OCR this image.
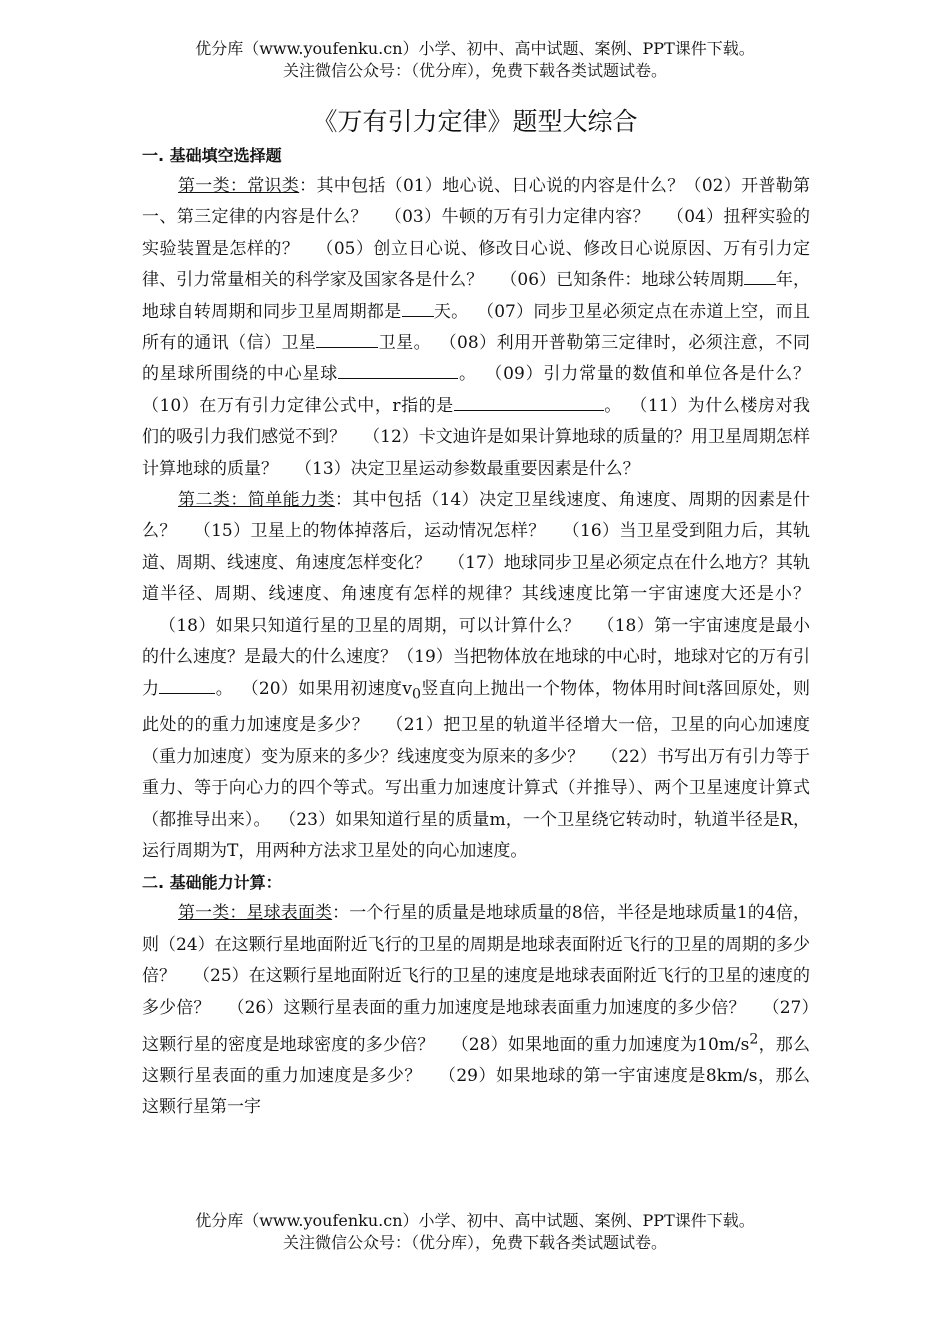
优分库（www.youfenku.cn）小学、初中、高中试题、案例、PPT课件下载。
关注微信公众号：（优分库），免费下载各类试题试卷。
《万有引力定律》题型大综合
一. 基础填空选择题

第一类：常识类：其中包括（01）地心说、日心说的内容是什么？（02）开普勒第一、第三定律的内容是什么？ （03）牛顿的万有引力定律内容？ （04）扭秤实验的实验装置是怎样的？ （05）创立日心说、修改日心说、修改日心说原因、万有引力定律、引力常量相关的科学家及国家各是什么？ （06）已知条件：地球公转周期 年，地球自转周期和同步卫星周期都是 天。 （07）同步卫星必须定点在赤道上空，而且所有的通讯（信）卫星	卫星。 （08）利用开普勒第三定律时，必须注意，不同的星球所围绕的中心星球	。 （09）引力常量的数值和单位各是什么？（10）在万有引力定律公式中，r指的是	。 （11）为什么楼房对我们的吸引力我们感觉不到？ （12）卡文迪许是如果计算地球的质量的？用卫星周期怎样计算地球的质量？ （13）决定卫星运动参数最重要因素是什么？

第二类：简单能力类：其中包括（14）决定卫星线速度、角速度、周期的因素是什么？ （15）卫星上的物体掉落后，运动情况怎样？ （16）当卫星受到阻力后，其轨道、周期、线速度、角速度怎样变化？ （17）地球同步卫星必须定点在什么地方？其轨道半径、周期、线速度、角速度有怎样的规律？其线速度比第一宇宙速度大还是小？（18）如果只知道行星的卫星的周期，可以计算什么？ （18）第一宇宙速度是最小的什么速度？是最大的什么速度？（19）当把物体放在地球的中心时，地球对它的万有引力	。 （20）如果用初速度$v_0$竖直向上抛出一个物体，物体用时间t落回原处，则此处的的重力加速度是多少？ （21）把卫星的轨道半径增大一倍，卫星的向心加速度（重力加速度）变为原来的多少？线速度变为原来的多少？ （22）书写出万有引力等于重力、等于向心力的四个等式。写出重力加速度计算式（并推导）、两个卫星速度计算式（都推导出来）。 （23）如果知道行星的质量m，一个卫星绕它转动时，轨道半径是R，运行周期为T，用两种方法求卫星处的向心加速度。

二. 基础能力计算：

第一类：星球表面类：一个行星的质量是地球质量的8倍，半径是地球质量1的4倍，则（24）在这颗行星地面附近飞行的卫星的周期是地球表面附近飞行的卫星的周期的多少倍？ （25）在这颗行星地面附近飞行的卫星的速度是地球表面附近飞行的卫星的速度的多少倍？ （26）这颗行星表面的重力加速度是地球表面重力加速度的多少倍？ （27）这颗行星的密度是地球密度的多少倍？ （28）如果地面的重力加速度为$10m/s^2$，那么这颗行星表面的重力加速度是多少？ （29）如果地球的第一宇宙速度是8km/s，那么这颗行星第一宇

优分库（www.youfenku.cn）小学、初中、高中试题、案例、PPT课件下载。
关注微信公众号：（优分库），免费下载各类试题试卷。
